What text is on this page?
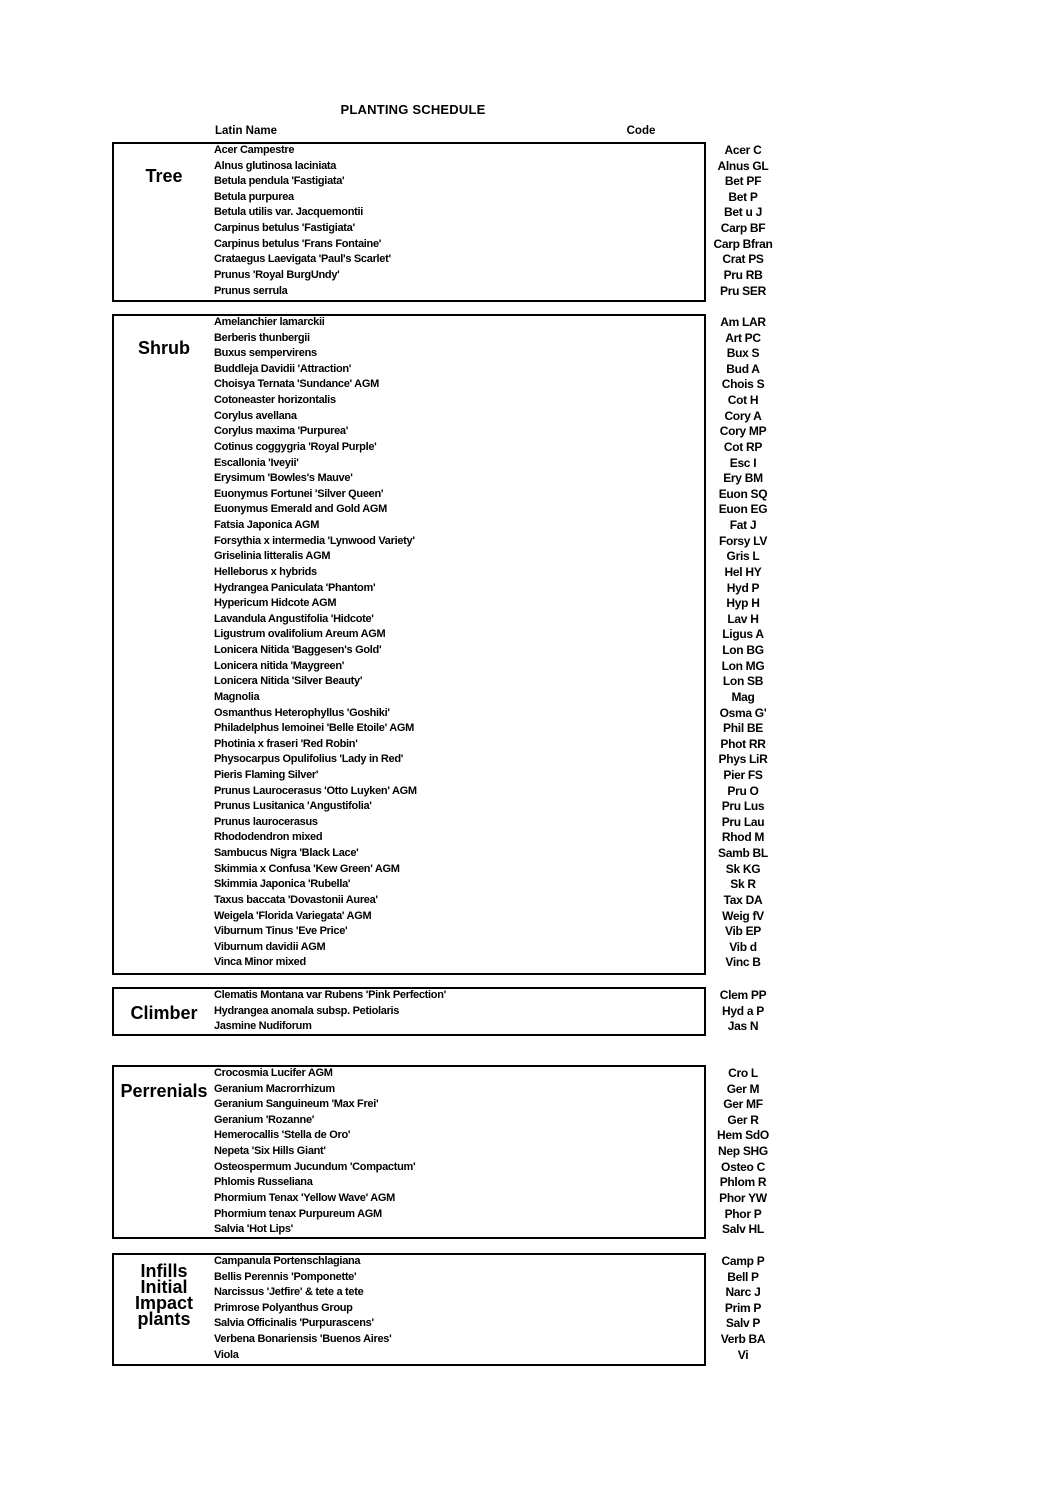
PLANTING SCHEDULE
Latin Name	Code
Tree
Acer Campestre	Acer C
Alnus glutinosa laciniata	Alnus GL
Betula pendula 'Fastigiata'	Bet PF
Betula purpurea	Bet P
Betula utilis var. Jacquemontii	Bet u J
Carpinus betulus 'Fastigiata'	Carp BF
Carpinus betulus 'Frans Fontaine'	Carp Bfran
Crataegus Laevigata 'Paul's Scarlet'	Crat PS
Prunus 'Royal BurgUndy'	Pru RB
Prunus serrula	Pru SER
Shrub
Amelanchier lamarckii	Am LAR
Berberis thunbergii	Art PC
Buxus sempervirens	Bux S
Buddleja Davidii 'Attraction'	Bud A
Choisya Ternata 'Sundance' AGM	Chois S
Cotoneaster horizontalis	Cot H
Corylus avellana	Cory A
Corylus maxima 'Purpurea'	Cory MP
Cotinus coggygria 'Royal Purple'	Cot RP
Escallonia 'Iveyii'	Esc I
Erysimum 'Bowles's Mauve'	Ery BM
Euonymus Fortunei 'Silver Queen'	Euon SQ
Euonymus Emerald and Gold AGM	Euon EG
Fatsia Japonica AGM	Fat J
Forsythia x intermedia 'Lynwood Variety'	Forsy LV
Griselinia litteralis AGM	Gris L
Helleborus x hybrids	Hel HY
Hydrangea Paniculata 'Phantom'	Hyd P
Hypericum Hidcote AGM	Hyp H
Lavandula Angustifolia 'Hidcote'	Lav H
Ligustrum ovalifolium Areum AGM	Ligus A
Lonicera Nitida 'Baggesen's Gold'	Lon BG
Lonicera nitida 'Maygreen'	Lon MG
Lonicera Nitida 'Silver Beauty'	Lon SB
Magnolia	Mag
Osmanthus Heterophyllus 'Goshiki'	Osma G'
Philadelphus lemoinei 'Belle Etoile' AGM	Phil BE
Photinia x fraseri 'Red Robin'	Phot RR
Physocarpus Opulifolius 'Lady in Red'	Phys LiR
Pieris Flaming Silver'	Pier FS
Prunus Laurocerasus 'Otto Luyken' AGM	Pru O
Prunus Lusitanica 'Angustifolia'	Pru Lus
Prunus laurocerasus	Pru Lau
Rhododendron mixed	Rhod M
Sambucus Nigra 'Black Lace'	Samb BL
Skimmia x Confusa 'Kew Green' AGM	Sk KG
Skimmia Japonica 'Rubella'	Sk R
Taxus baccata 'Dovastonii Aurea'	Tax DA
Weigela 'Florida Variegata' AGM	Weig fV
Viburnum Tinus 'Eve Price'	Vib EP
Viburnum davidii AGM	Vib d
Vinca Minor mixed	Vinc B
Climber
Clematis Montana var Rubens 'Pink Perfection'	Clem PP
Hydrangea anomala subsp. Petiolaris	Hyd a P
Jasmine Nudiforum	Jas N
Perrenials
Crocosmia Lucifer AGM	Cro L
Geranium Macrorrhizum	Ger M
Geranium Sanguineum 'Max Frei'	Ger MF
Geranium 'Rozanne'	Ger R
Hemerocallis 'Stella de Oro'	Hem SdO
Nepeta 'Six Hills Giant'	Nep SHG
Osteospermum Jucundum 'Compactum'	Osteo C
Phlomis Russeliana	Phlom R
Phormium Tenax 'Yellow Wave' AGM	Phor YW
Phormium tenax Purpureum AGM	Phor P
Salvia 'Hot Lips'	Salv HL
Infills Initial Impact plants
Campanula Portenschlagiana	Camp P
Bellis Perennis 'Pomponette'	Bell P
Narcissus 'Jetfire' & tete a tete	Narc J
Primrose Polyanthus Group	Prim P
Salvia Officinalis 'Purpurascens'	Salv P
Verbena Bonariensis 'Buenos Aires'	Verb BA
Viola	Vi
